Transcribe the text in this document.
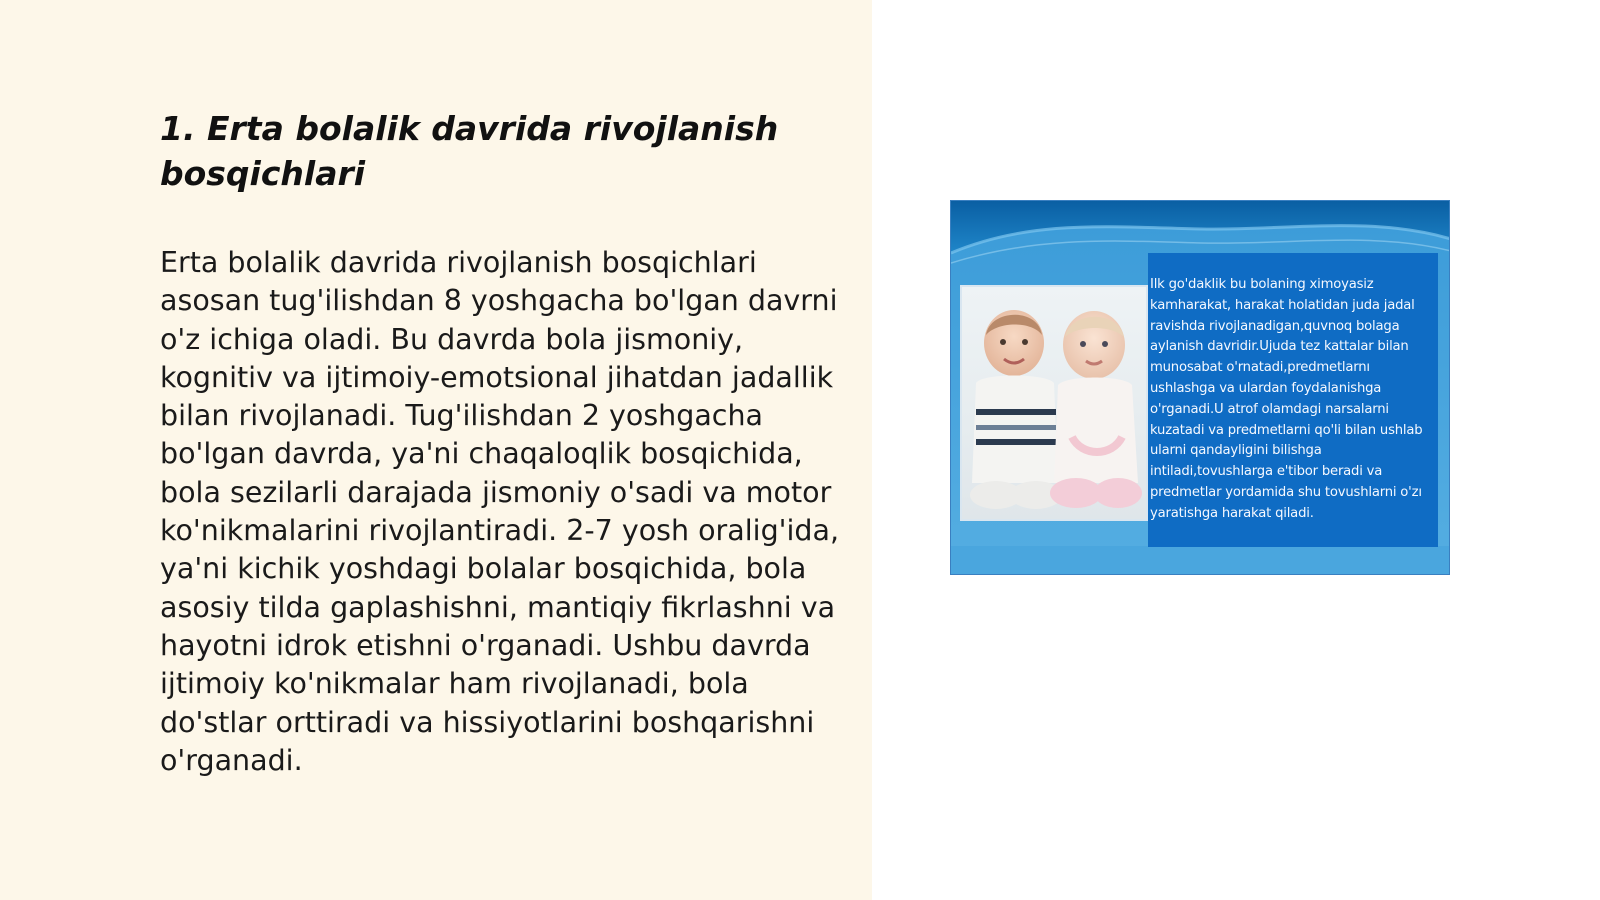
1. Erta bolalik davrida rivojlanish bosqichlari

Erta bolalik davrida rivojlanish bosqichlari asosan tug'ilishdan 8 yoshgacha bo'lgan davrni o'z ichiga oladi. Bu davrda bola jismoniy, kognitiv va ijtimoiy-emotsional jihatdan jadallik bilan rivojlanadi. Tug'ilishdan 2 yoshgacha bo'lgan davrda, ya'ni chaqaloqlik bosqichida, bola sezilarli darajada jismoniy o'sadi va motor ko'nikmalarini rivojlantiradi. 2-7 yosh oralig'ida, ya'ni kichik yoshdagi bolalar bosqichida, bola asosiy tilda gaplashishni, mantiqiy fikrlashni va hayotni idrok etishni o'rganadi. Ushbu davrda ijtimoiy ko'nikmalar ham rivojlanadi, bola do'stlar orttiradi va hissiyotlarini boshqarishni o'rganadi.

Ilk go'daklik bu bolaning ximoyasiz kamharakat, harakat holatidan juda jadal ravishda rivojlanadigan,quvnoq bolaga aylanish davridir.Ujuda tez kattalar bilan munosabat o'rnatadi,predmetlarnı ushlashga va ulardan foydalanishga o'rganadi.U atrof olamdagi narsalarni kuzatadi va predmetlarni qo'li bilan ushlab ularni qandayligini bilishga intiladi,tovushlarga e'tibor beradi va predmetlar yordamida shu tovushlarni o'zı yaratishga harakat qiladi.
